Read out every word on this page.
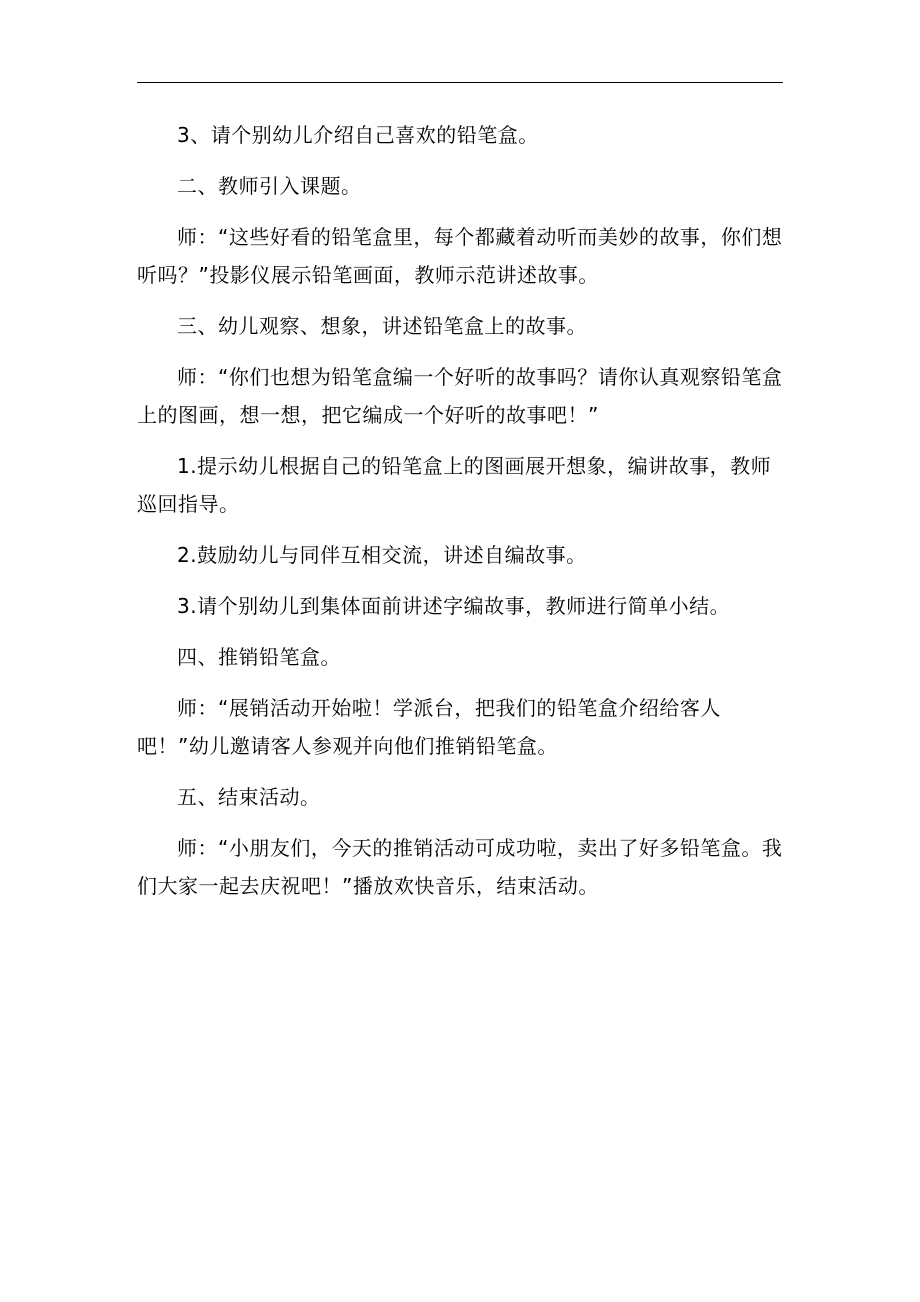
3、请个别幼儿介绍自己喜欢的铅笔盒。

二、教师引入课题。

师：“这些好看的铅笔盒里，每个都藏着动听而美妙的故事，你们想听吗？”投影仪展示铅笔画面，教师示范讲述故事。

三、幼儿观察、想象，讲述铅笔盒上的故事。

师：“你们也想为铅笔盒编一个好听的故事吗？请你认真观察铅笔盒上的图画，想一想，把它编成一个好听的故事吧！”

1.提示幼儿根据自己的铅笔盒上的图画展开想象，编讲故事，教师巡回指导。

2.鼓励幼儿与同伴互相交流，讲述自编故事。

3.请个别幼儿到集体面前讲述字编故事，教师进行简单小结。

四、推销铅笔盒。

师：“展销活动开始啦！学派台，把我们的铅笔盒介绍给客人吧！”幼儿邀请客人参观并向他们推销铅笔盒。

五、结束活动。

师：“小朋友们，今天的推销活动可成功啦，卖出了好多铅笔盒。我们大家一起去庆祝吧！”播放欢快音乐，结束活动。
